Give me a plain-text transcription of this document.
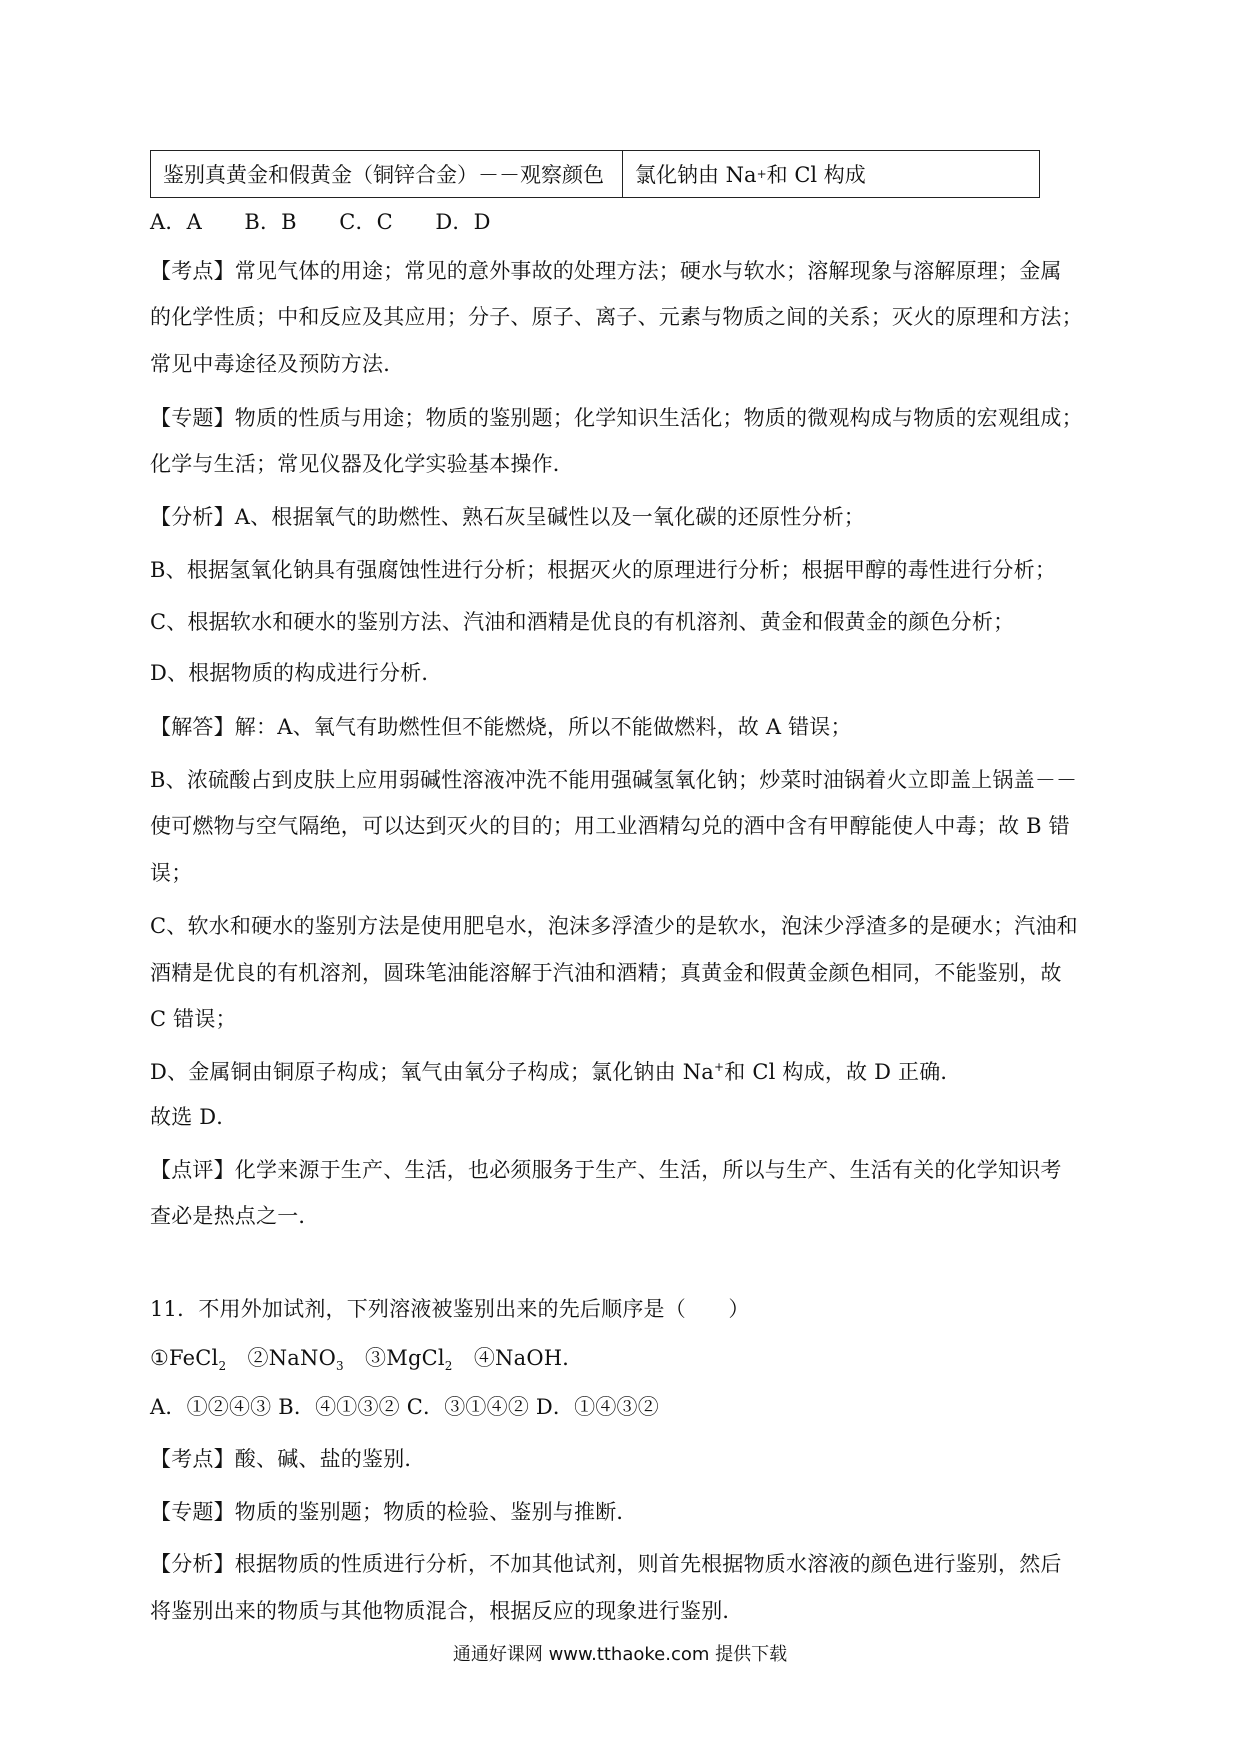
鉴别真黄金和假黄金（铜锌合金）－－观察颜色 氯化钠由 Na + 和 Cl 构成
A．A　　B．B　　C．C　　D．D
【考点】常见气体的用途；常见的意外事故的处理方法；硬水与软水；溶解现象与溶解原理；金属
的化学性质；中和反应及其应用；分子、原子、离子、元素与物质之间的关系；灭火的原理和方法；
常见中毒途径及预防方法．
【专题】物质的性质与用途；物质的鉴别题；化学知识生活化；物质的微观构成与物质的宏观组成；
化学与生活；常见仪器及化学实验基本操作．
【分析】A、根据氧气的助燃性、熟石灰呈碱性以及一氧化碳的还原性分析；
B、根据氢氧化钠具有强腐蚀性进行分析；根据灭火的原理进行分析；根据甲醇的毒性进行分析；
C、根据软水和硬水的鉴别方法、汽油和酒精是优良的有机溶剂、黄金和假黄金的颜色分析；
D、根据物质的构成进行分析．
【解答】解：A、氧气有助燃性但不能燃烧，所以不能做燃料，故 A 错误；
B、浓硫酸占到皮肤上应用弱碱性溶液冲洗不能用强碱氢氧化钠；炒菜时油锅着火立即盖上锅盖－－
使可燃物与空气隔绝，可以达到灭火的目的；用工业酒精勾兑的酒中含有甲醇能使人中毒；故 B 错
误；
C、软水和硬水的鉴别方法是使用肥皂水，泡沫多浮渣少的是软水，泡沫少浮渣多的是硬水；汽油和
酒精是优良的有机溶剂，圆珠笔油能溶解于汽油和酒精；真黄金和假黄金颜色相同，不能鉴别，故
C 错误；
D、金属铜由铜原子构成；氧气由氧分子构成；氯化钠由 Na+和 Cl 构成，故 D 正确．
故选 D．
【点评】化学来源于生产、生活，也必须服务于生产、生活，所以与生产、生活有关的化学知识考
查必是热点之一．
11．不用外加试剂，下列溶液被鉴别出来的先后顺序是（　　）
①FeCl$_2$　②NaNO$_3$　③MgCl$_2$　④NaOH．
A．①②④③ B．④①③② C．③①④② D．①④③②
【考点】酸、碱、盐的鉴别．
【专题】物质的鉴别题；物质的检验、鉴别与推断．
【分析】根据物质的性质进行分析，不加其他试剂，则首先根据物质水溶液的颜色进行鉴别，然后
将鉴别出来的物质与其他物质混合，根据反应的现象进行鉴别．
通通好课网 www.tthaoke.com 提供下载
